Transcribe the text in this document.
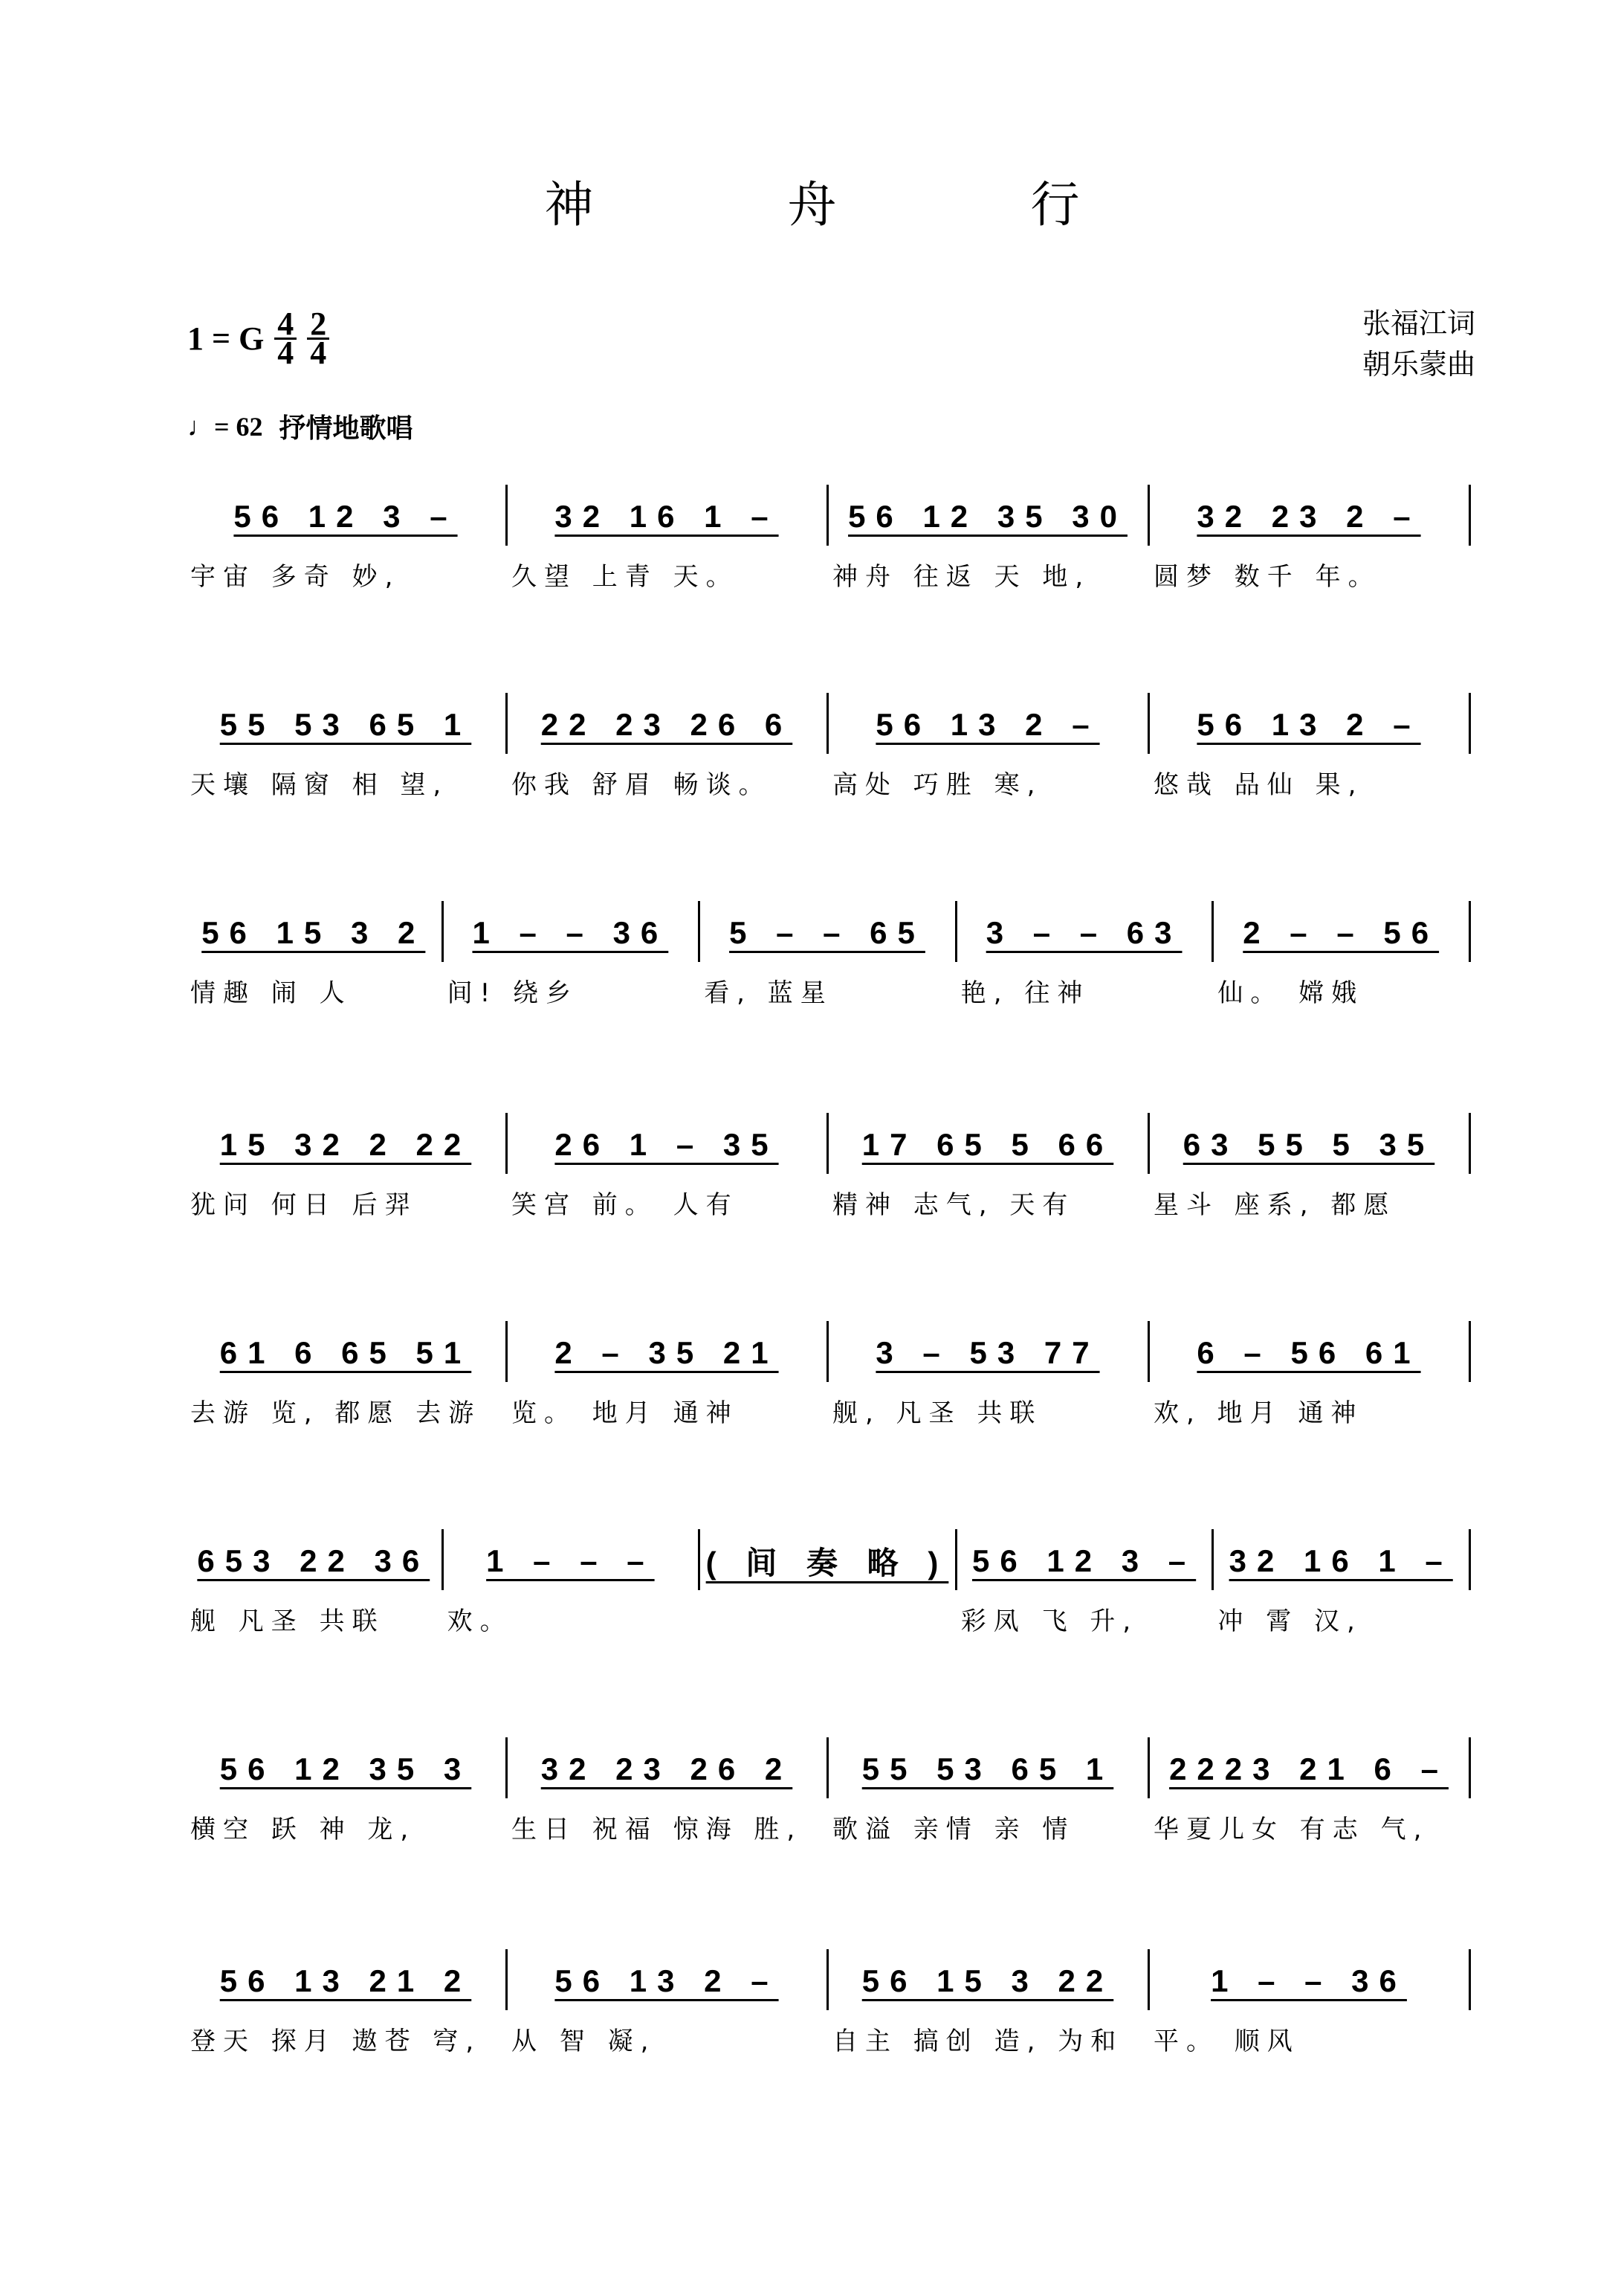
神 舟 行
1 = G $\frac{4}{4} \frac{2}{4}$	张福江词
朝乐蒙曲
♩ = 62 抒情地歌唱
56 12 3 –
宇宙 多奇 妙,
32 16 1 –
久望 上青 天。
56 12 35 30
神舟 往返 天 地,
32 23 2 –
圆梦 数千 年。
55 53 65 1
天壤 隔窗 相 望,
22 23 26 6
你我 舒眉 畅谈。
56 13 2 –
高处 巧胜 寒,
56 13 2 –
悠哉 品仙 果,
56 15 3 2
情趣 闹 人
1 – – 36
间! 绕乡
5 – – 65
看, 蓝星
3 – – 63
艳, 往神
2 – – 56
仙。 嫦娥
15 32 2 22
犹问 何日 后羿
26 1 – 35
笑宫 前。 人有
17 65 5 66
精神 志气, 天有
63 55 5 35
星斗 座系, 都愿
61 6 65 51
去游 览, 都愿 去游
2 – 35 21
览。 地月 通神
3 – 53 77
舰, 凡圣 共联
6 – 56 61
欢, 地月 通神
653 22 36
舰 凡圣 共联
1 – – –
欢。
( 间 奏 略 ) 56 12 3 –
彩凤 飞 升,
32 16 1 –
冲 霄 汉,
56 12 35 3
横空 跃 神 龙,
32 23 26 2
生日 祝福 惊海 胜,
55 53 65 1
歌溢 亲情 亲 情
2223 21 6 –
华夏儿女 有志 气,
56 13 21 2
登天 探月 遨苍 穹,
56 13 2 –
从 智 凝,
56 15 3 22
自主 搞创 造, 为和
1 – – 36
平。 顺风
